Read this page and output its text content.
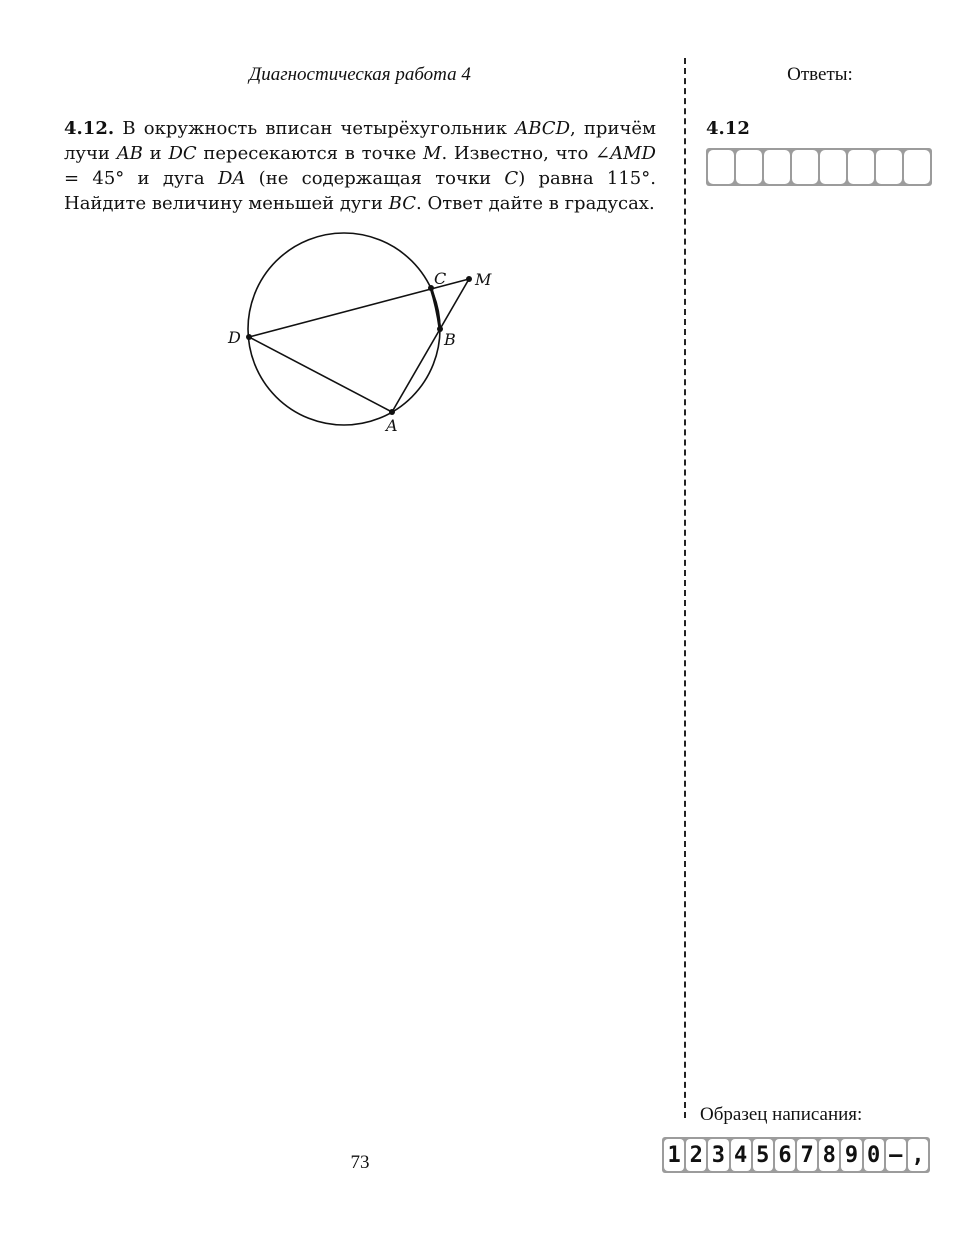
Диагностическая работа 4	Ответы:
4.12. В окружность вписан четырёхугольник ABCD, причём лучи AB и DC пересекаются в точке M. Известно, что ∠AMD = 45° и дуга DA (не содержащая точки C) равна 115°. Найдите величину меньшей дуги BC. Ответ дайте в градусах.
D
A
B
C M
4.12
Образец написания:
1 2 3 4 5 6 7 8 9 0 – ,
73
